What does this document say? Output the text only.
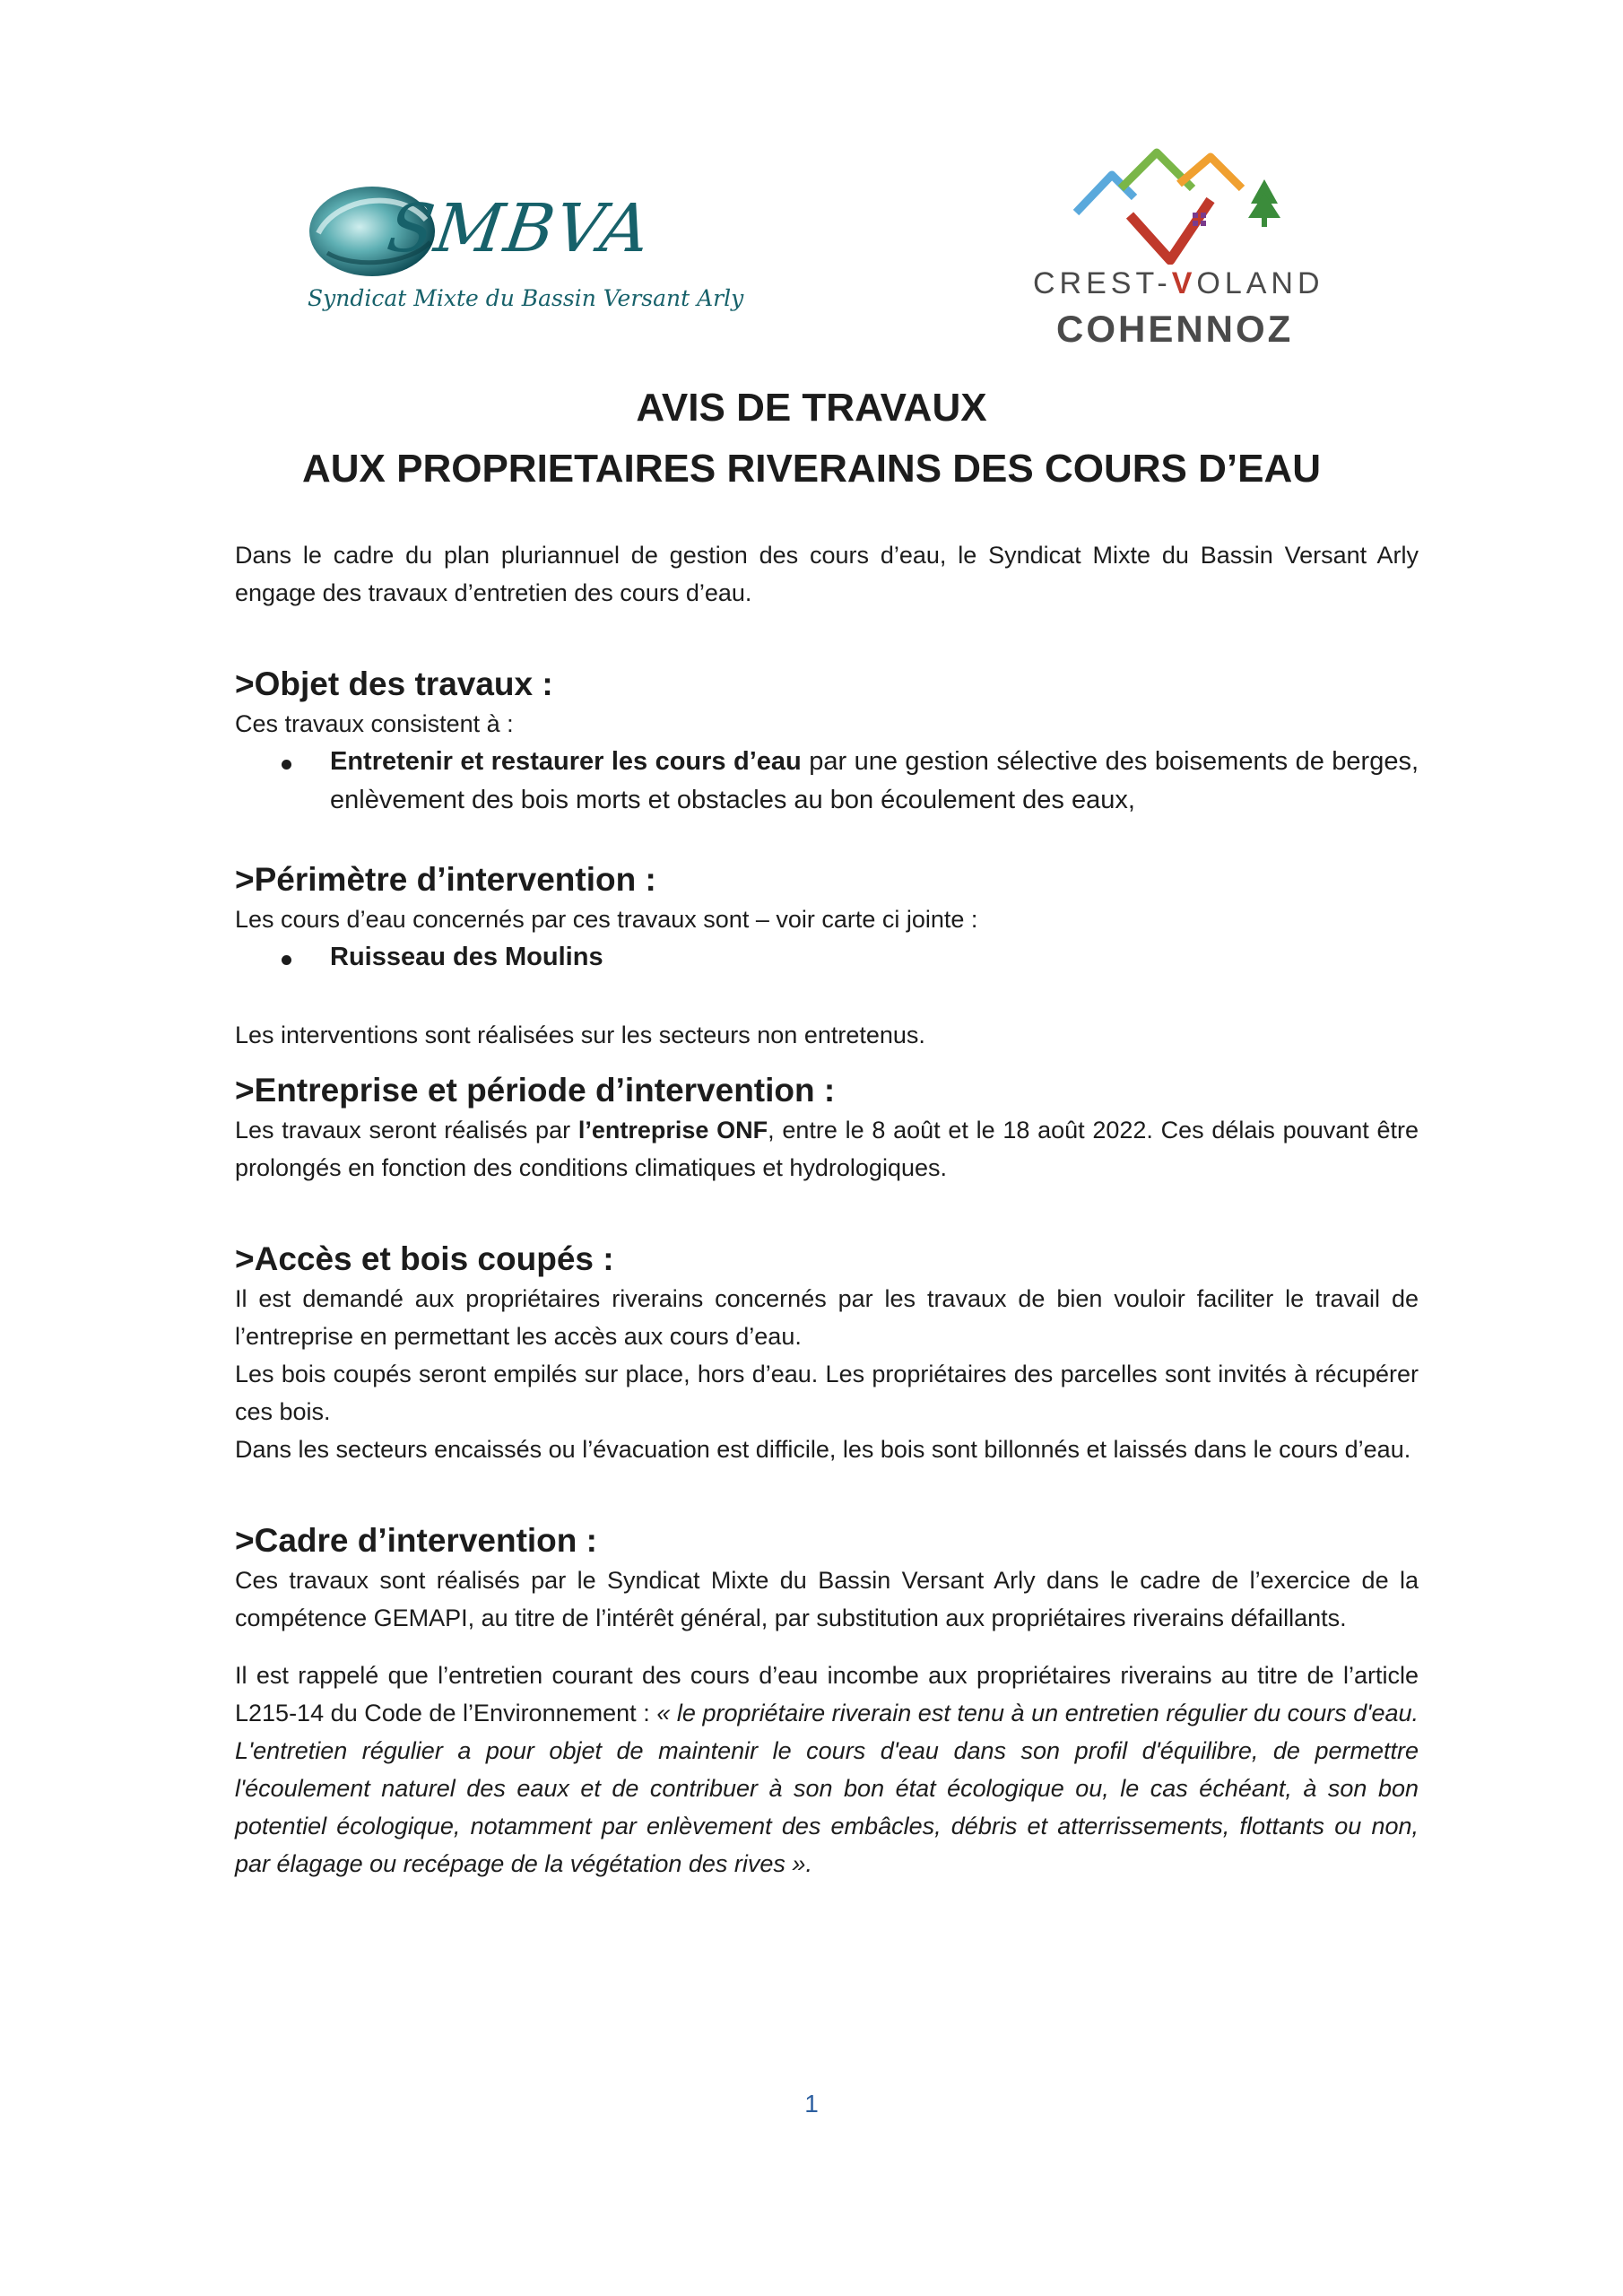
SMBVA
Syndicat Mixte du Bassin Versant Arly	CREST-VOLAND
COHENNOZ
AVIS DE TRAVAUX
AUX PROPRIETAIRES RIVERAINS DES COURS D’EAU

Dans le cadre du plan pluriannuel de gestion des cours d’eau, le Syndicat Mixte du Bassin Versant Arly engage des travaux d’entretien des cours d’eau.

>Objet des travaux :

Ces travaux consistent à :

Entretenir et restaurer les cours d’eau par une gestion sélective des boisements de berges, enlèvement des bois morts et obstacles au bon écoulement des eaux,

>Périmètre d’intervention :

Les cours d’eau concernés par ces travaux sont – voir carte ci jointe :

Ruisseau des Moulins

Les interventions sont réalisées sur les secteurs non entretenus.

>Entreprise et période d’intervention :

Les travaux seront réalisés par l’entreprise ONF, entre le 8 août et le 18 août 2022. Ces délais pouvant être prolongés en fonction des conditions climatiques et hydrologiques.

>Accès et bois coupés :

Il est demandé aux propriétaires riverains concernés par les travaux de bien vouloir faciliter le travail de l’entreprise en permettant les accès aux cours d’eau.

Les bois coupés seront empilés sur place, hors d’eau. Les propriétaires des parcelles sont invités à récupérer ces bois.

Dans les secteurs encaissés ou l’évacuation est difficile, les bois sont billonnés et laissés dans le cours d’eau.

>Cadre d’intervention :

Ces travaux sont réalisés par le Syndicat Mixte du Bassin Versant Arly dans le cadre de l’exercice de la compétence GEMAPI, au titre de l’intérêt général, par substitution aux propriétaires riverains défaillants.

Il est rappelé que l’entretien courant des cours d’eau incombe aux propriétaires riverains au titre de l’article L215-14 du Code de l’Environnement : « le propriétaire riverain est tenu à un entretien régulier du cours d'eau. L'entretien régulier a pour objet de maintenir le cours d'eau dans son profil d'équilibre, de permettre l'écoulement naturel des eaux et de contribuer à son bon état écologique ou, le cas échéant, à son bon potentiel écologique, notamment par enlèvement des embâcles, débris et atterrissements, flottants ou non, par élagage ou recépage de la végétation des rives ».

1
